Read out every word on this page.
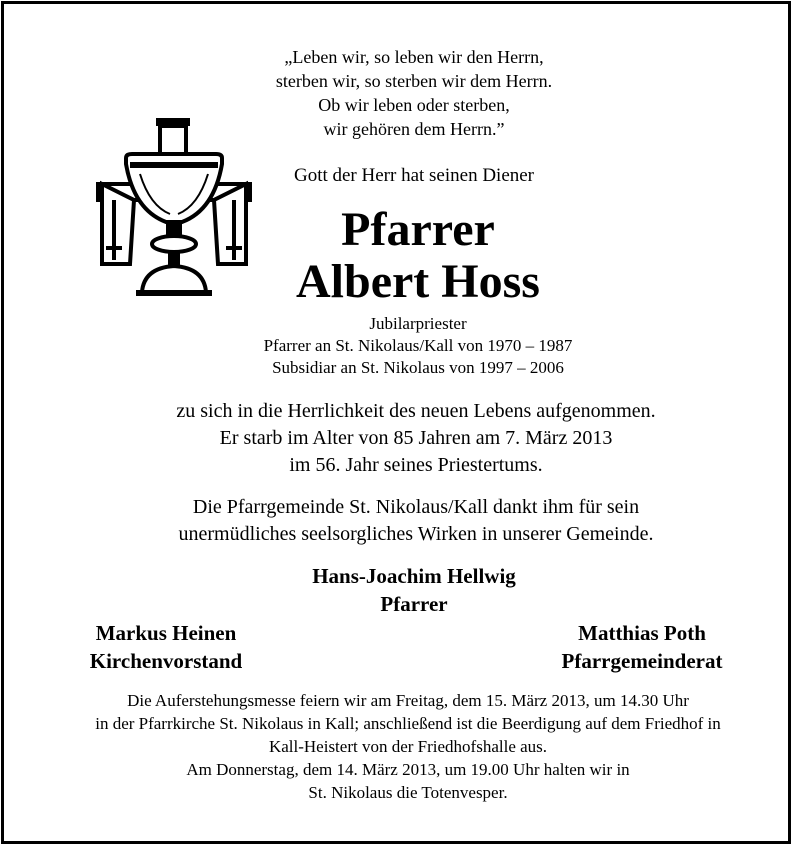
„Leben wir, so leben wir den Herrn,
sterben wir, so sterben wir dem Herrn.
Ob wir leben oder sterben,
wir gehören dem Herrn.”
Gott der Herr hat seinen Diener
Pfarrer
Albert Hoss
Jubilarpriester
Pfarrer an St. Nikolaus/Kall von 1970 – 1987
Subsidiar an St. Nikolaus von 1997 – 2006
zu sich in die Herrlichkeit des neuen Lebens aufgenommen.
Er starb im Alter von 85 Jahren am 7. März 2013
im 56. Jahr seines Priestertums.
Die Pfarrgemeinde St. Nikolaus/Kall dankt ihm für sein
unermüdliches seelsorgliches Wirken in unserer Gemeinde.
Hans-Joachim Hellwig
Pfarrer
Markus Heinen
Kirchenvorstand
Matthias Poth
Pfarrgemeinderat
Die Auferstehungsmesse feiern wir am Freitag, dem 15. März 2013, um 14.30 Uhr
in der Pfarrkirche St. Nikolaus in Kall; anschließend ist die Beerdigung auf dem Friedhof in
Kall-Heistert von der Friedhofshalle aus.
Am Donnerstag, dem 14. März 2013, um 19.00 Uhr halten wir in
St. Nikolaus die Totenvesper.
